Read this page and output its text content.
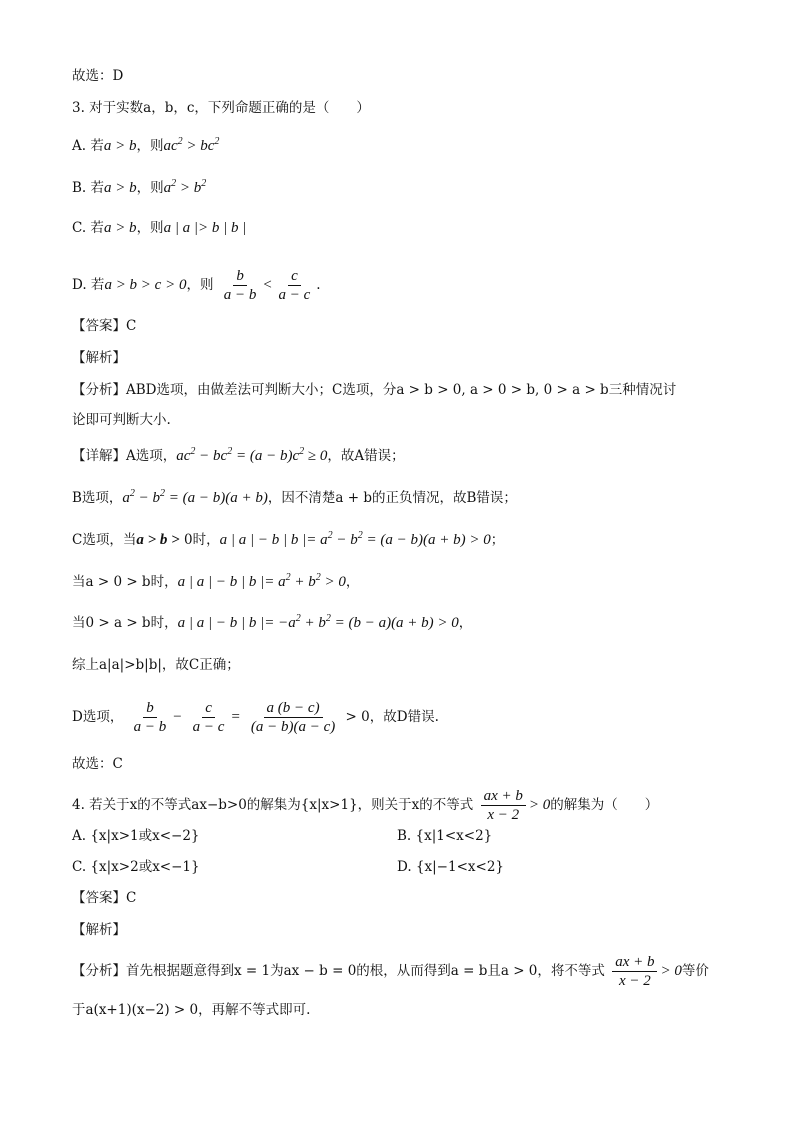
故选：D
3. 对于实数a，b，c，下列命题正确的是（　　）
A. 若a > b，则$ac^2 > bc^2$
B. 若a > b，则$a^2 > b^2$
C. 若a > b，则a | a |> b | b |
D. 若a > b > c > 0，则 $\frac{b}{a - b} < \frac{c}{a - c}$ .
【答案】C
【解析】
【分析】ABD选项，由做差法可判断大小；C选项，分a > b > 0, a > 0 > b, 0 > a > b三种情况讨
论即可判断大小.
【详解】A选项，$ac^2 - bc^2 = (a - b)c^2 \ge 0$，故A错误；
B选项，$a^2 - b^2 = (a - b)(a + b)$，因不清楚a + b的正负情况，故B错误；
C选项，当a > b > 0时，a | a | − b | b |= $a^2 - b^2 = (a - b)(a + b) > 0$；
当a > 0 > b时，a | a | − b | b |= $a^2 + b^2 > 0$，
当0 > a > b时，a | a | − b | b |= $-a^2 + b^2 = (b - a)(a + b) > 0$，
综上a|a|>b|b|，故C正确；
D选项， $\frac{b}{a - b} - \frac{c}{a - c} = \frac{a (b - c)}{(a - b)(a - c)} > 0$，故D错误.
故选：C
4. 若关于x的不等式ax−b>0的解集为{x|x>1}，则关于x的不等式 $\frac{ax + b}{x - 2} > 0$的解集为（　　）
A. {x|x>1或x<−2}	B. {x|1<x<2}
C. {x|x>2或x<−1}	D. {x|−1<x<2}
【答案】C
【解析】
【分析】首先根据题意得到x = 1为ax − b = 0的根，从而得到a = b且a > 0，将不等式 $\frac{ax + b}{x - 2} > 0$等价
于a(x+1)(x−2) > 0，再解不等式即可.
